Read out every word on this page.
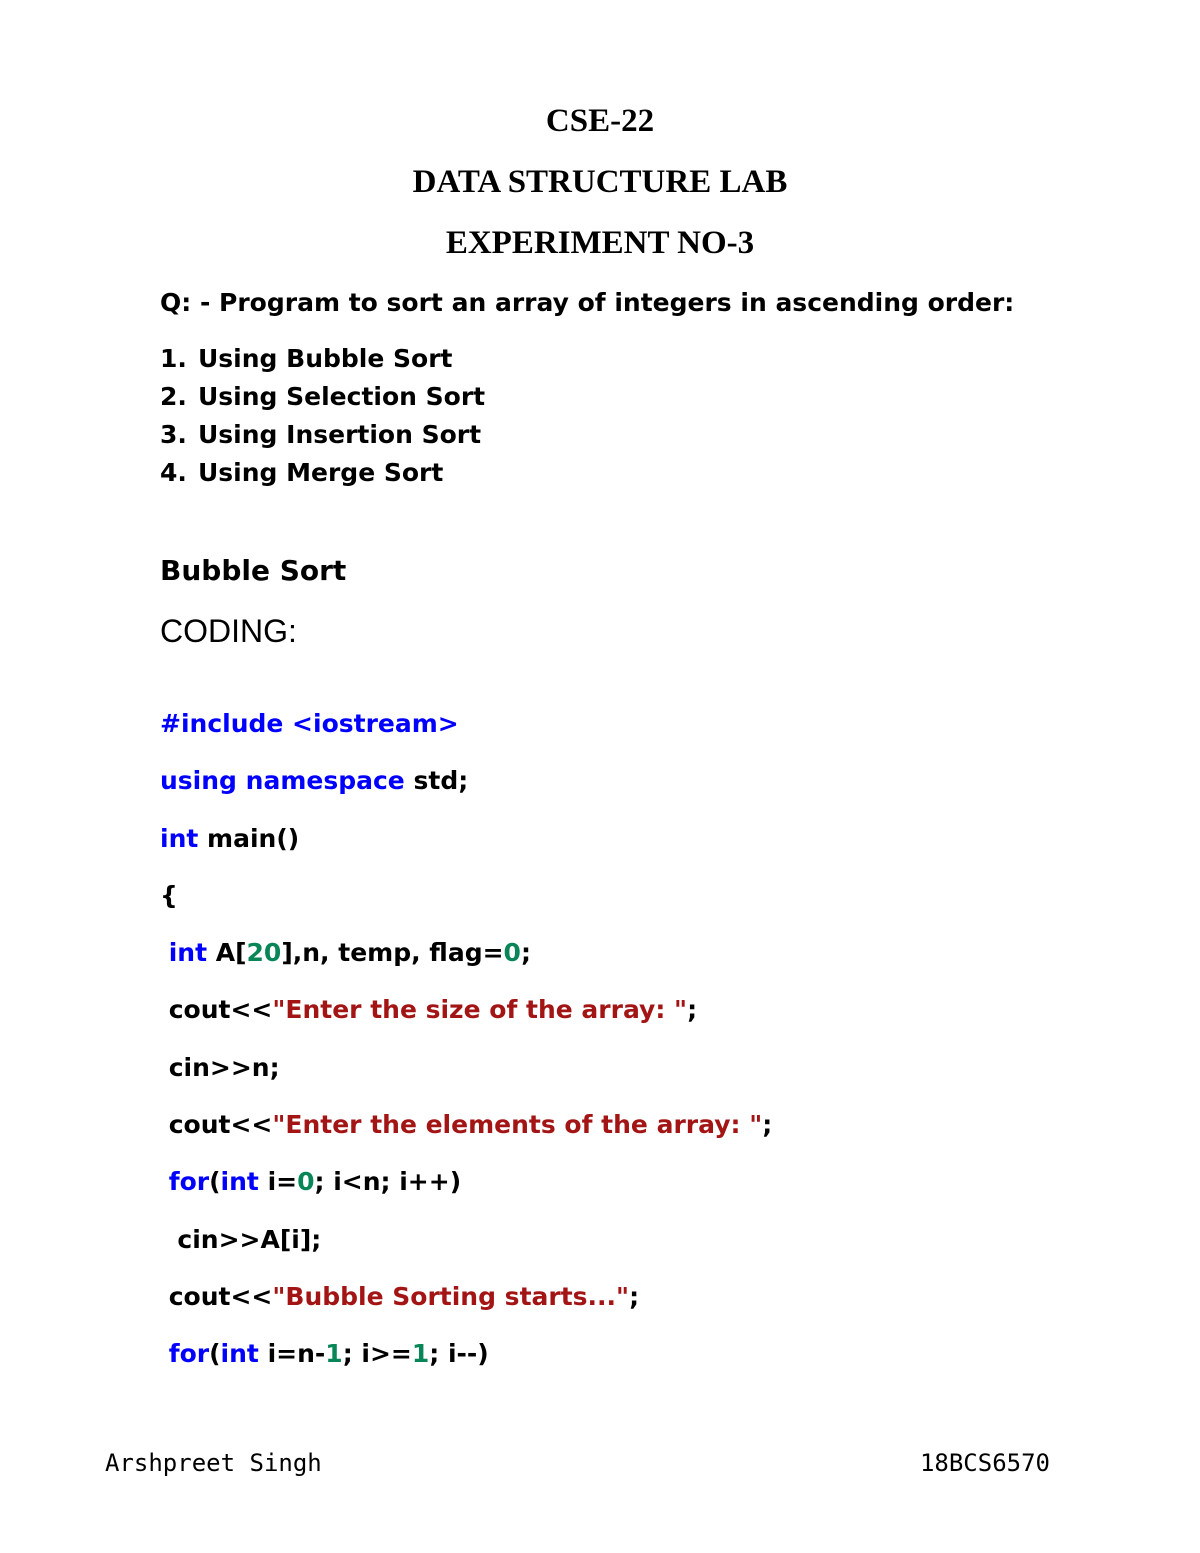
CSE-22
DATA STRUCTURE LAB
EXPERIMENT NO-3
Q: - Program to sort an array of integers in ascending order:
1. Using Bubble Sort
2. Using Selection Sort
3. Using Insertion Sort
4. Using Merge Sort
Bubble Sort
CODING:
#include <iostream>
using namespace std;
int main()
{
int A[20],n, temp, flag=0;
cout<<"Enter the size of the array: ";
cin>>n;
cout<<"Enter the elements of the array: ";
for(int i=0; i<n; i++)
cin>>A[i];
cout<<"Bubble Sorting starts...";
for(int i=n-1; i>=1; i--)
Arshpreet Singh	18BCS6570
